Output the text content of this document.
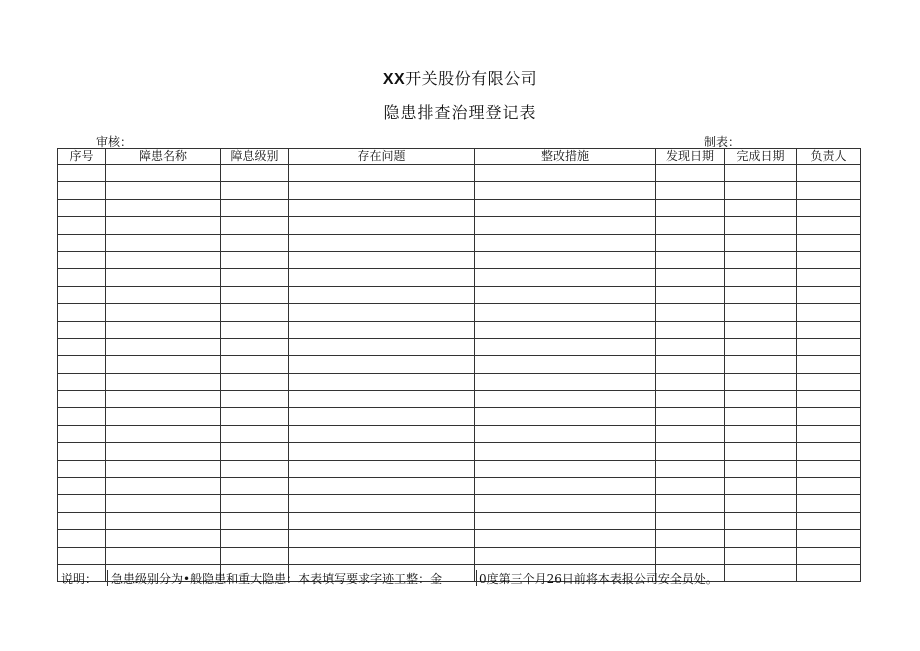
XX开关股份有限公司
隐患排查治理登记表
审核：	制表：
序号	障患名称	障息级别	存在问题	整改措施	发现日期	完成日期	负责人

说明：	急患级别分为•般隐患和重大隐患：本表填写要求字迹工整：金	0度第三个月26日前将本表报公司安全员处。
